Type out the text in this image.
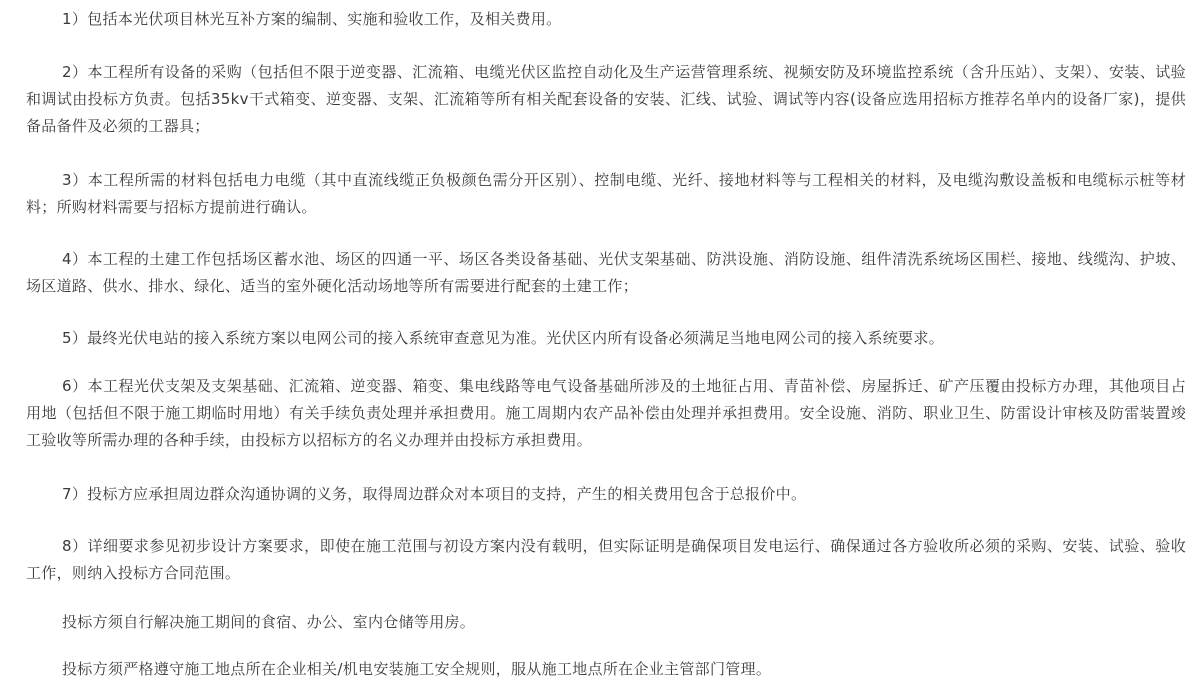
1）包括本光伏项目林光互补方案的编制、实施和验收工作，及相关费用。

2）本工程所有设备的采购（包括但不限于逆变器、汇流箱、电缆光伏区监控自动化及生产运营管理系统、视频安防及环境监控系统（含升压站）、支架）、安装、试验和调试由投标方负责。包括35kv干式箱变、逆变器、支架、汇流箱等所有相关配套设备的安装、汇线、试验、调试等内容(设备应选用招标方推荐名单内的设备厂家)，提供备品备件及必须的工器具；

3）本工程所需的材料包括电力电缆（其中直流线缆正负极颜色需分开区别）、控制电缆、光纤、接地材料等与工程相关的材料，及电缆沟敷设盖板和电缆标示桩等材料；所购材料需要与招标方提前进行确认。

4）本工程的土建工作包括场区蓄水池、场区的四通一平、场区各类设备基础、光伏支架基础、防洪设施、消防设施、组件清洗系统场区围栏、接地、线缆沟、护坡、场区道路、供水、排水、绿化、适当的室外硬化活动场地等所有需要进行配套的土建工作；

5）最终光伏电站的接入系统方案以电网公司的接入系统审查意见为准。光伏区内所有设备必须满足当地电网公司的接入系统要求。

6）本工程光伏支架及支架基础、汇流箱、逆变器、箱变、集电线路等电气设备基础所涉及的土地征占用、青苗补偿、房屋拆迁、矿产压覆由投标方办理，其他项目占用地（包括但不限于施工期临时用地）有关手续负责处理并承担费用。施工周期内农产品补偿由处理并承担费用。安全设施、消防、职业卫生、防雷设计审核及防雷装置竣工验收等所需办理的各种手续，由投标方以招标方的名义办理并由投标方承担费用。

7）投标方应承担周边群众沟通协调的义务，取得周边群众对本项目的支持，产生的相关费用包含于总报价中。

8）详细要求参见初步设计方案要求，即使在施工范围与初设方案内没有载明，但实际证明是确保项目发电运行、确保通过各方验收所必须的采购、安装、试验、验收工作，则纳入投标方合同范围。

投标方须自行解决施工期间的食宿、办公、室内仓储等用房。

投标方须严格遵守施工地点所在企业相关/机电安装施工安全规则，服从施工地点所在企业主管部门管理。
